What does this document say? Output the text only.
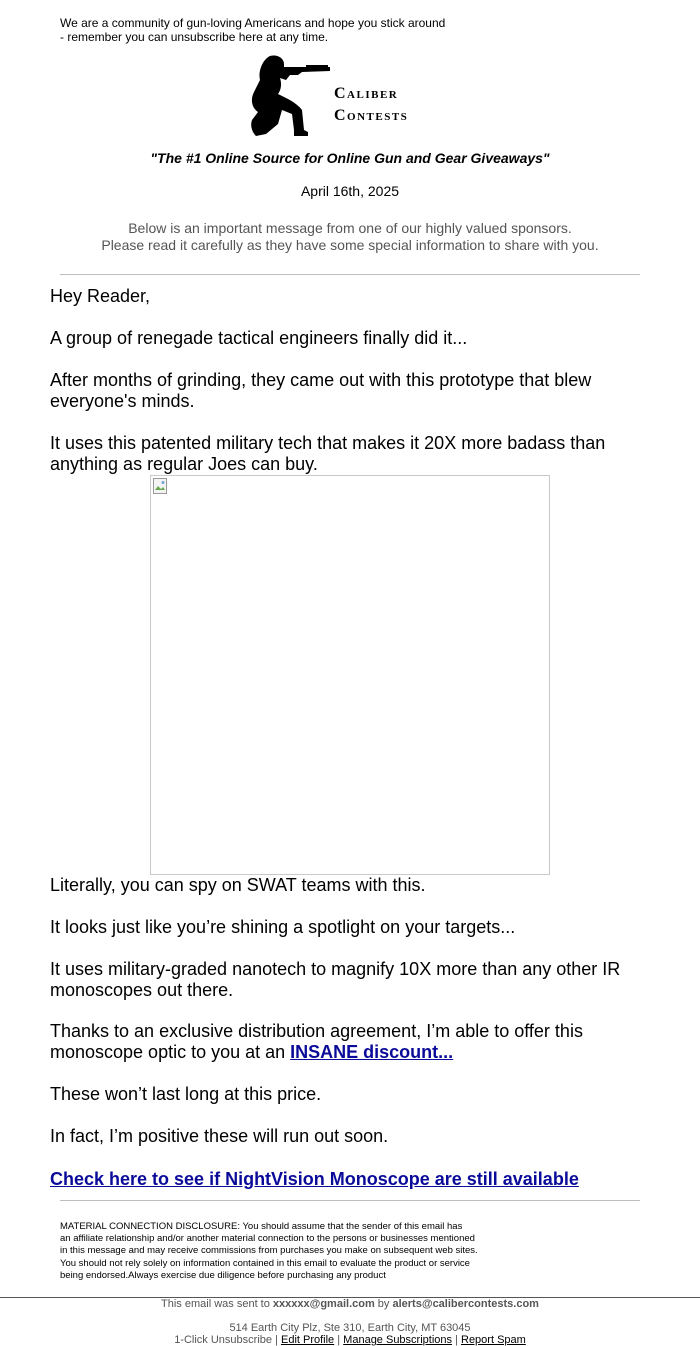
We are a community of gun-loving Americans and hope you stick around
- remember you can unsubscribe here at any time.
Caliber
Contests
"The #1 Online Source for Online Gun and Gear Giveaways"
April 16th, 2025
Below is an important message from one of our highly valued sponsors.
Please read it carefully as they have some special information to share with you.
Hey Reader,
A group of renegade tactical engineers finally did it...
After months of grinding, they came out with this prototype that blew everyone's minds.
It uses this patented military tech that makes it 20X more badass than anything as regular Joes can buy.
Literally, you can spy on SWAT teams with this.
It looks just like you’re shining a spotlight on your targets...
It uses military-graded nanotech to magnify 10X more than any other IR monoscopes out there.
Thanks to an exclusive distribution agreement, I’m able to offer this monoscope optic to you at an INSANE discount...
These won’t last long at this price.
In fact, I’m positive these will run out soon.
Check here to see if NightVision Monoscope are still available
MATERIAL CONNECTION DISCLOSURE: You should assume that the sender of this email has
an affiliate relationship and/or another material connection to the persons or businesses mentioned
in this message and may receive commissions from purchases you make on subsequent web sites.
You should not rely solely on information contained in this email to evaluate the product or service
being endorsed.Always exercise due diligence before purchasing any product
This email was sent to xxxxxx@gmail.com by alerts@calibercontests.com
514 Earth City Plz, Ste 310, Earth City, MT 63045
1-Click Unsubscribe | Edit Profile | Manage Subscriptions | Report Spam
